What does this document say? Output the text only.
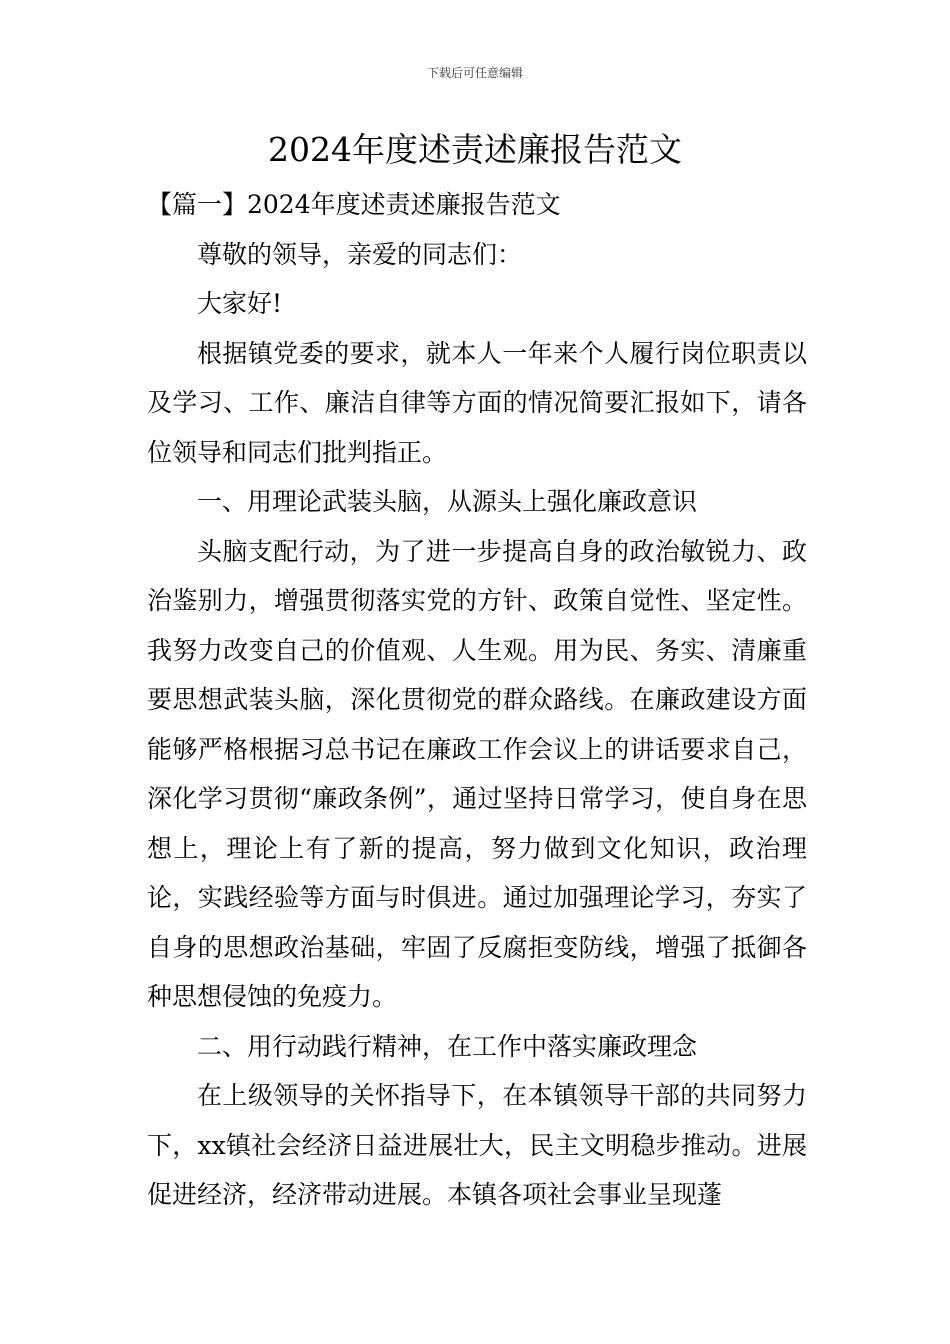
下载后可任意编辑
2024年度述责述廉报告范文

【篇一】2024年度述责述廉报告范文

尊敬的领导，亲爱的同志们：

大家好!

根据镇党委的要求，就本人一年来个人履行岗位职责以及学习、工作、廉洁自律等方面的情况简要汇报如下，请各位领导和同志们批判指正。

一、用理论武装头脑，从源头上强化廉政意识

头脑支配行动，为了进一步提高自身的政治敏锐力、政治鉴别力，增强贯彻落实党的方针、政策自觉性、坚定性。我努力改变自己的价值观、人生观。用为民、务实、清廉重要思想武装头脑，深化贯彻党的群众路线。在廉政建设方面能够严格根据习总书记在廉政工作会议上的讲话要求自己，深化学习贯彻“廉政条例”，通过坚持日常学习，使自身在思想上，理论上有了新的提高，努力做到文化知识，政治理论，实践经验等方面与时俱进。通过加强理论学习，夯实了自身的思想政治基础，牢固了反腐拒变防线，增强了抵御各种思想侵蚀的免疫力。

二、用行动践行精神，在工作中落实廉政理念

在上级领导的关怀指导下，在本镇领导干部的共同努力下，xx镇社会经济日益进展壮大，民主文明稳步推动。进展促进经济，经济带动进展。本镇各项社会事业呈现蓬
